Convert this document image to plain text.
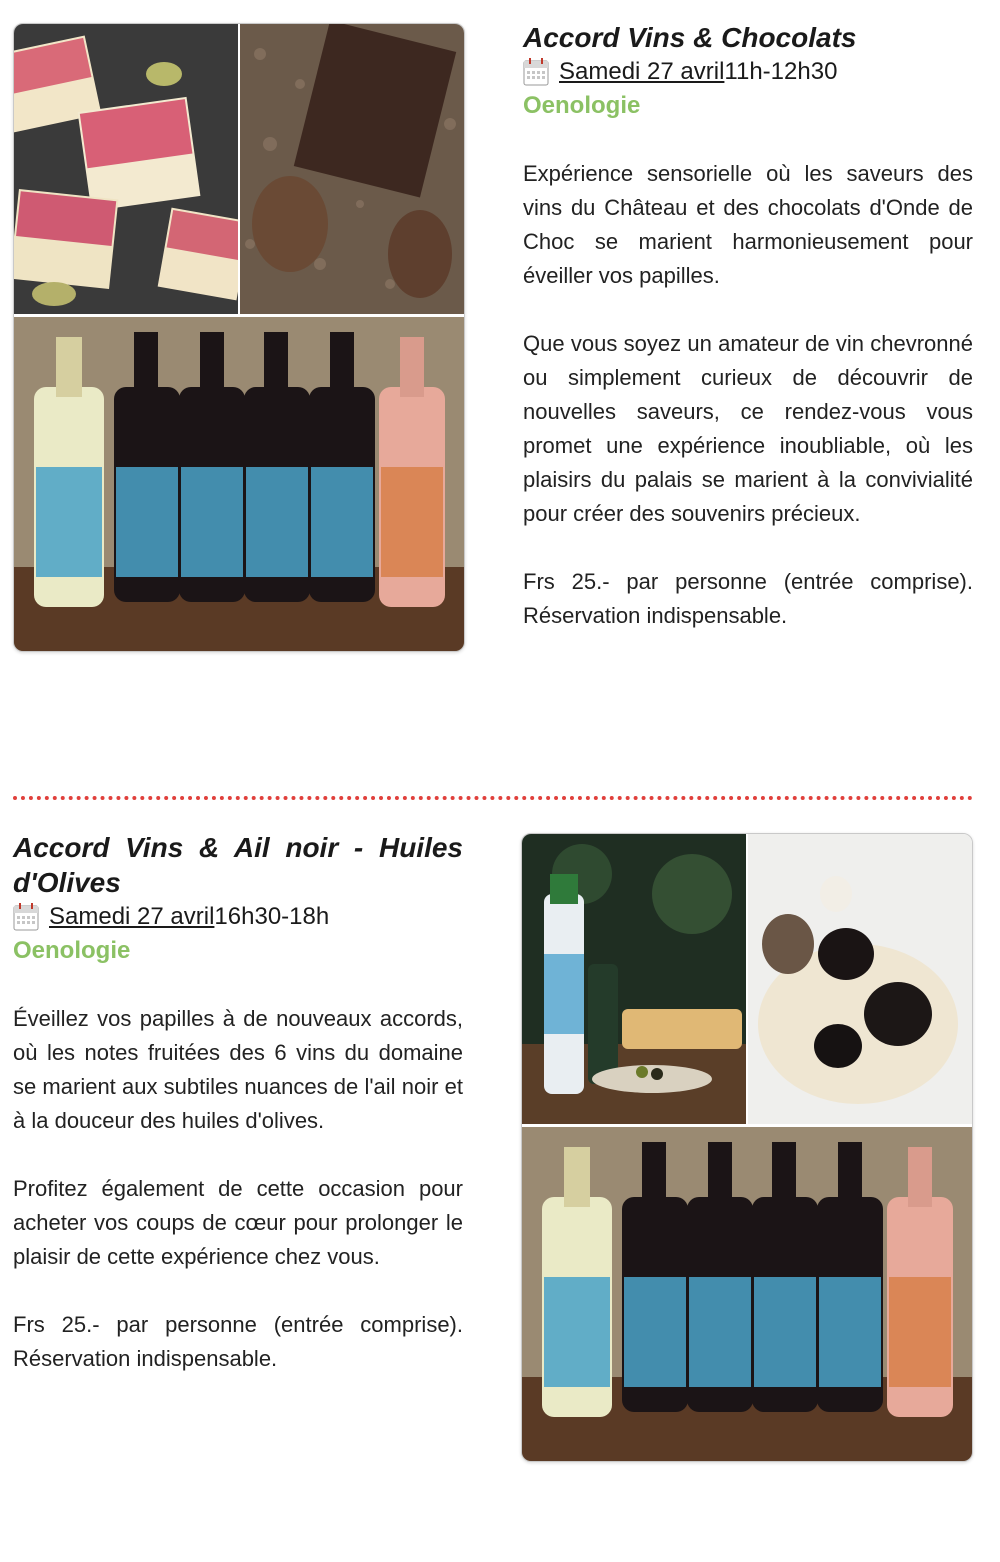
Accord Vins & Chocolats
Samedi 27 avril 11h-12h30
Oenologie

Expérience sensorielle où les saveurs des vins du Château et des chocolats d'Onde de Choc se marient harmonieusement pour éveiller vos papilles.

Que vous soyez un amateur de vin chevronné ou simplement curieux de découvrir de nouvelles saveurs, ce rendez-vous vous promet une expérience inoubliable, où les plaisirs du palais se marient à la convivialité pour créer des souvenirs précieux.

Frs 25.- par personne (entrée comprise). Réservation indispensable.

Accord Vins & Ail noir - Huiles d'Olives
Samedi 27 avril 16h30-18h
Oenologie

Éveillez vos papilles à de nouveaux accords, où les notes fruitées des 6 vins du domaine se marient aux subtiles nuances de l'ail noir et à la douceur des huiles d'olives.

Profitez également de cette occasion pour acheter vos coups de cœur pour prolonger le plaisir de cette expérience chez vous.

Frs 25.- par personne (entrée comprise). Réservation indispensable.
